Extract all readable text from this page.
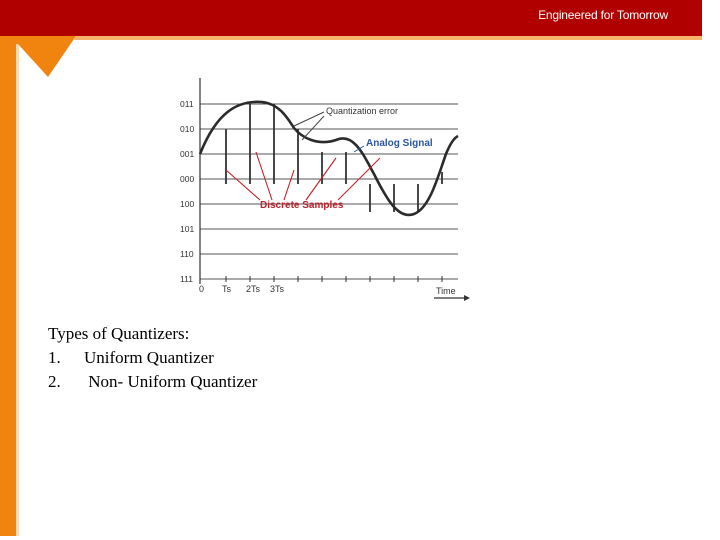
Engineered for Tomorrow
011
010
001
000
100
101
110
111
Quantization error
Analog Signal
Discrete Samples
0 Ts 2Ts 3Ts	Time
Types of Quantizers:
1. Uniform Quantizer
2. Non- Uniform Quantizer
